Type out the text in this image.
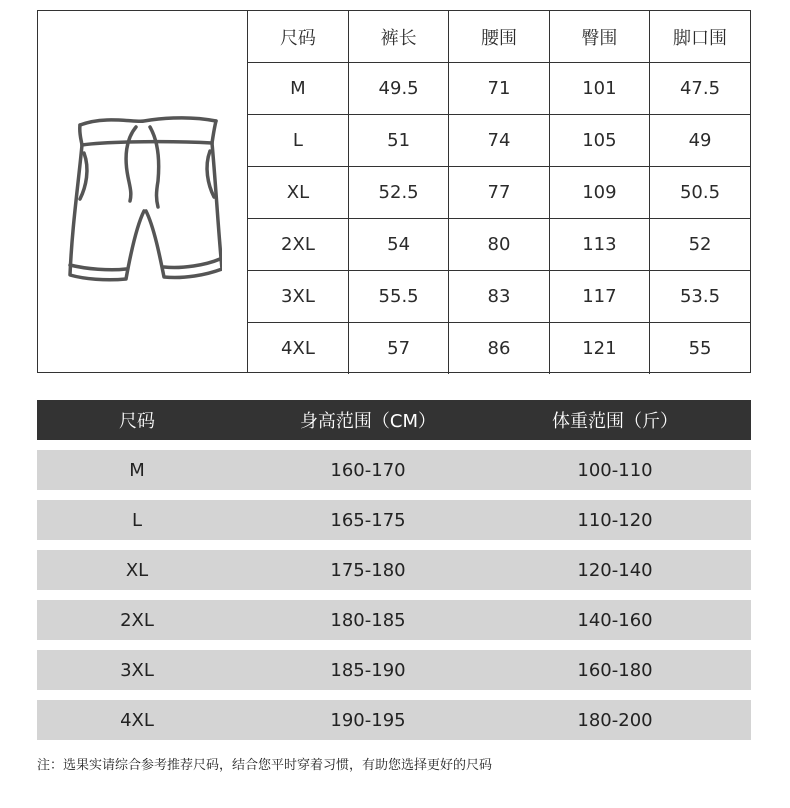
尺码	裤长	腰围	臀围	脚口围
M	49.5	71	101	47.5
L	51	74	105	49
XL	52.5	77	109	50.5
2XL	54	80	113	52
3XL	55.5	83	117	53.5
4XL	57	86	121	55
尺码	身高范围（CM）	体重范围（斤）
M	160-170	100-110
L	165-175	110-120
XL	175-180	120-140
2XL	180-185	140-160
3XL	185-190	160-180
4XL	190-195	180-200
注：选果实请综合参考推荐尺码，结合您平时穿着习惯，有助您选择更好的尺码
